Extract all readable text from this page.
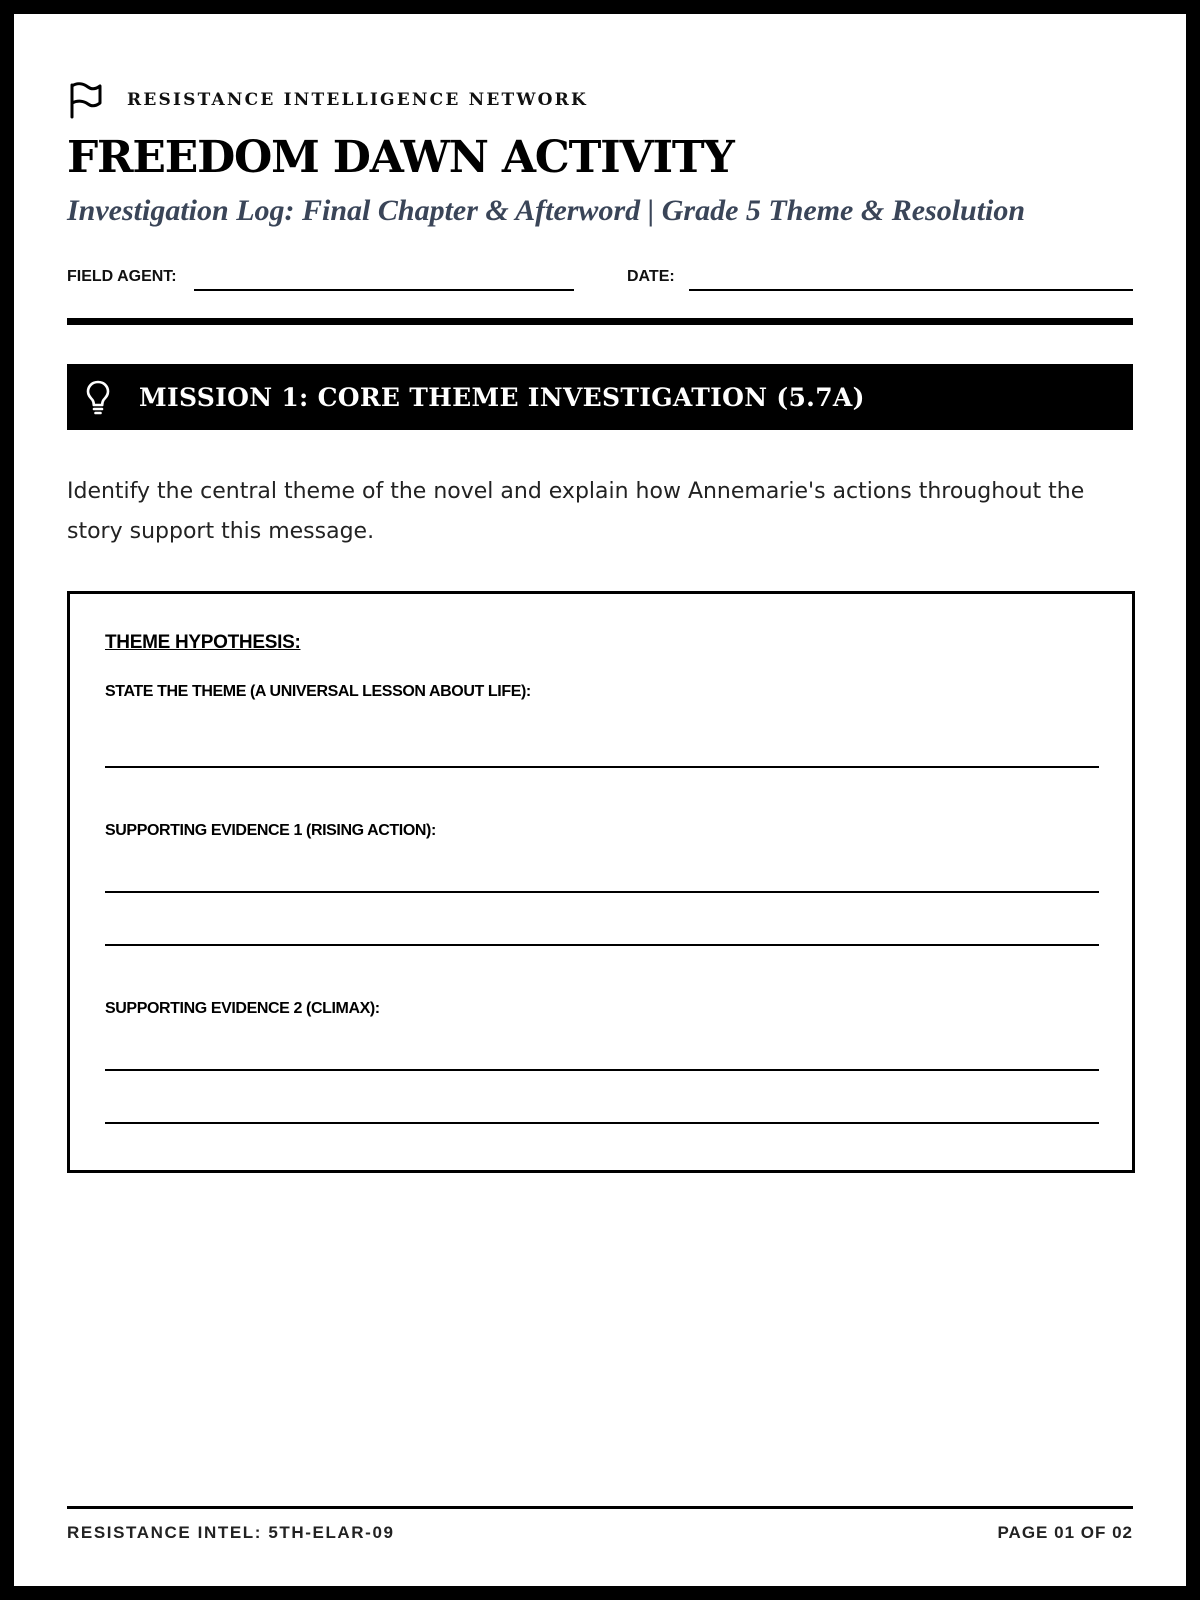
RESISTANCE INTELLIGENCE NETWORK
FREEDOM DAWN ACTIVITY
Investigation Log: Final Chapter & Afterword | Grade 5 Theme & Resolution
FIELD AGENT:	DATE:
MISSION 1: CORE THEME INVESTIGATION (5.7A)
Identify the central theme of the novel and explain how Annemarie's actions throughout the story support this message.
THEME HYPOTHESIS:
STATE THE THEME (A UNIVERSAL LESSON ABOUT LIFE):
SUPPORTING EVIDENCE 1 (RISING ACTION):
SUPPORTING EVIDENCE 2 (CLIMAX):
RESISTANCE INTEL: 5TH-ELAR-09	PAGE 01 OF 02
